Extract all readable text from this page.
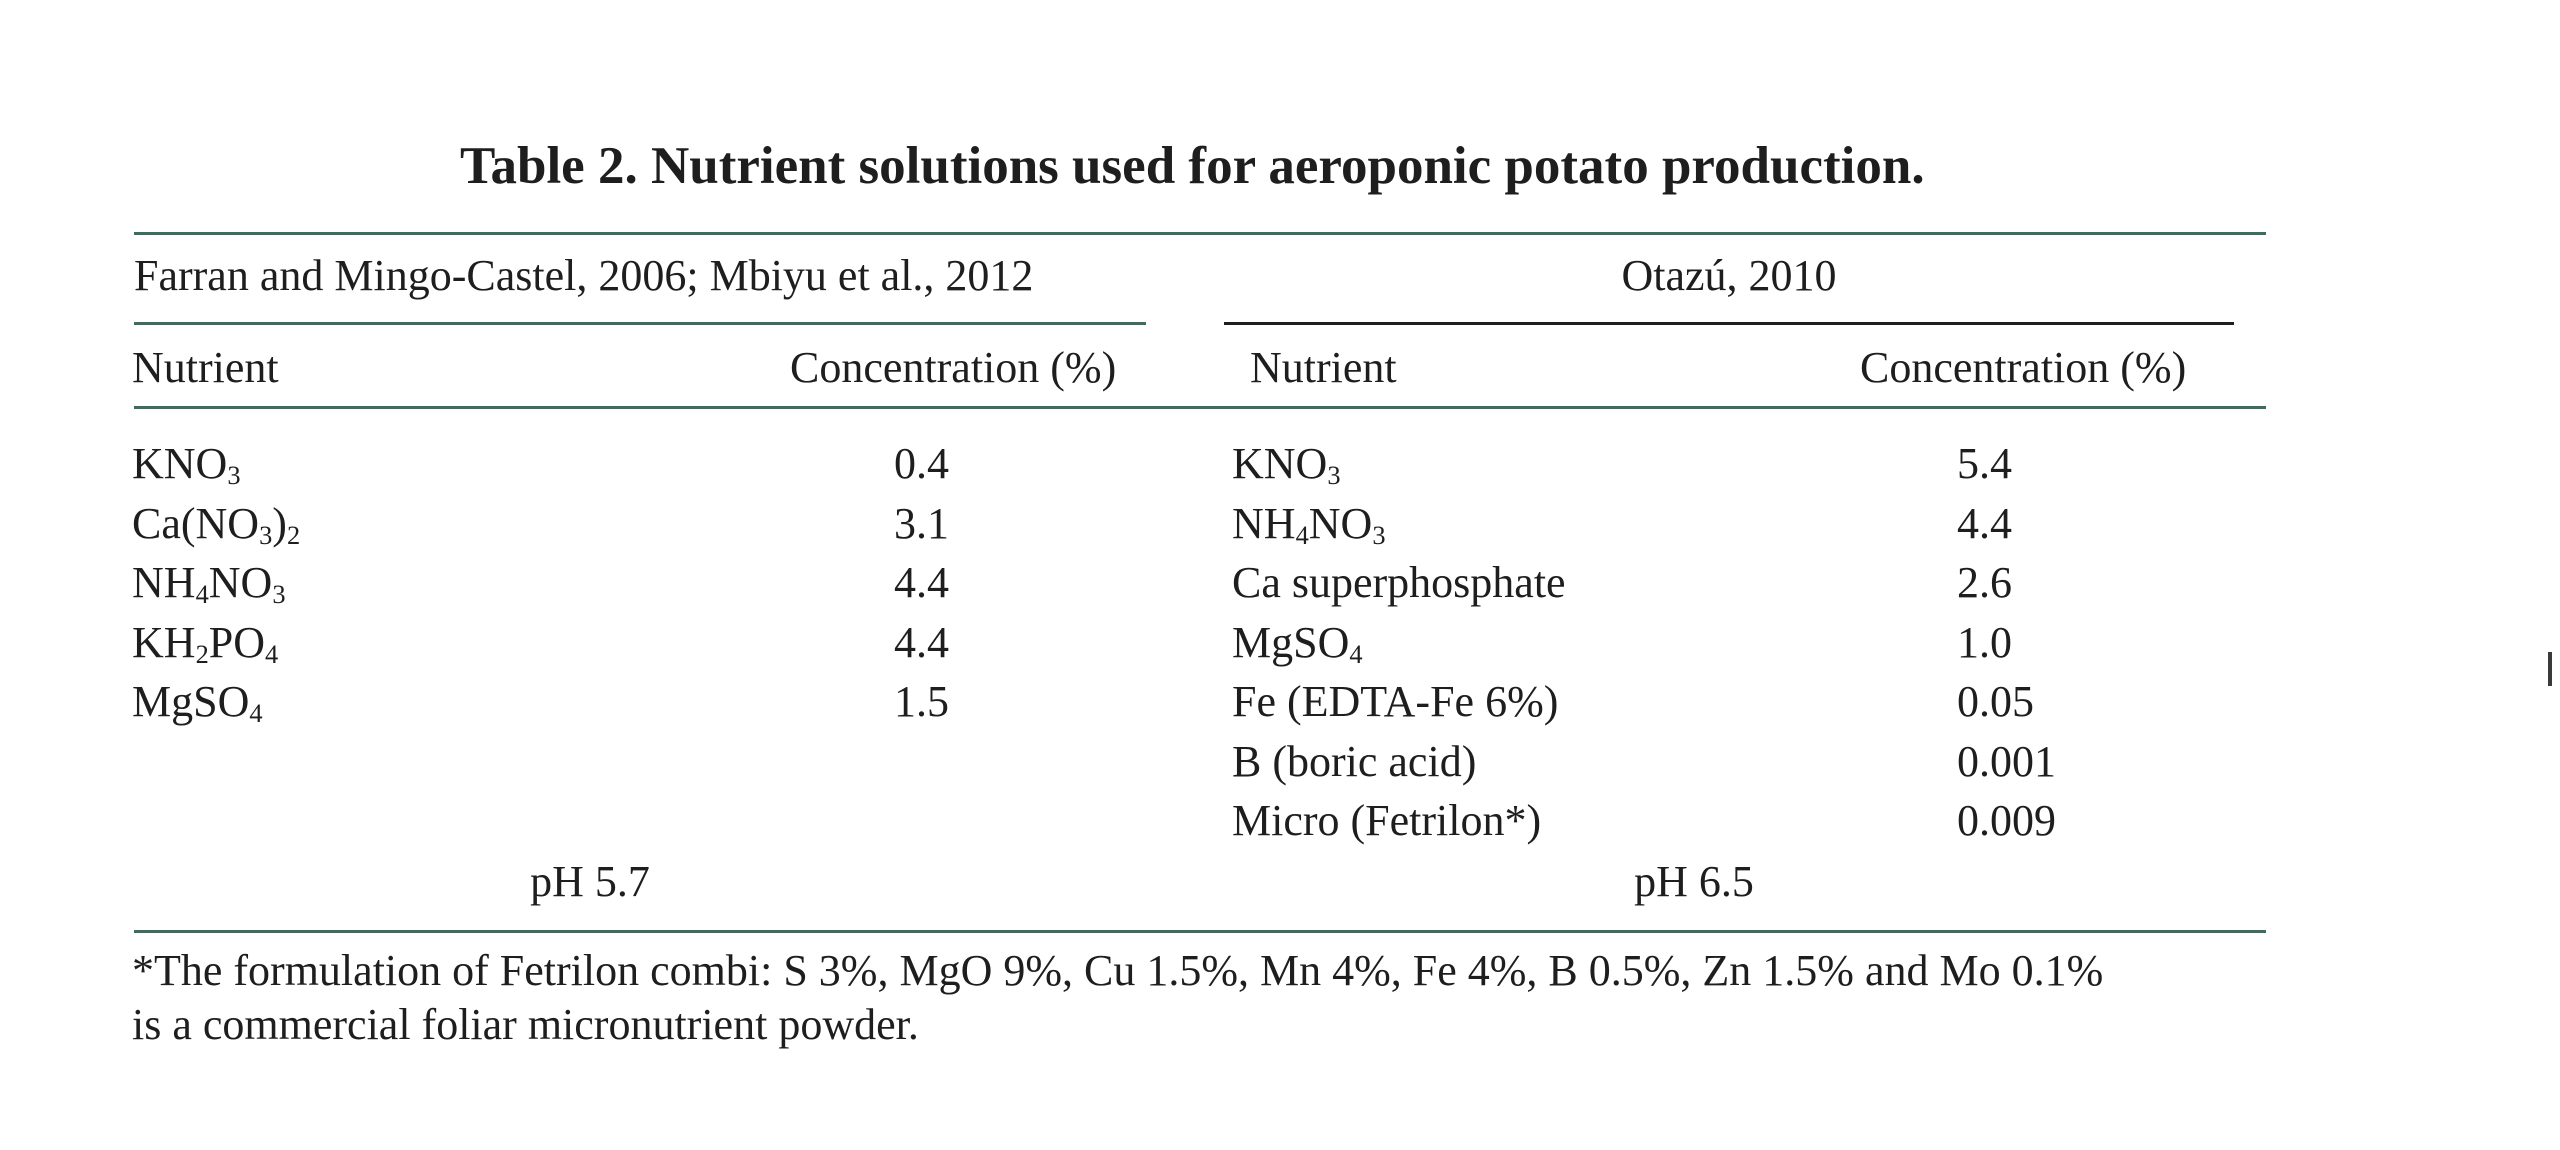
Table 2. Nutrient solutions used for aeroponic potato production.
Farran and Mingo-Castel, 2006; Mbiyu et al., 2012	Otazú, 2010
Nutrient	Concentration (%)	Nutrient	Concentration (%)
$KNO_3$	0.4
$Ca(NO_3)_2$	3.1
$NH_4NO_3$	4.4
$KH_2PO_4$	4.4
MgSO$_4$	1.5
$KNO_3$	5.4
$NH_4NO_3$	4.4
Ca superphosphate	2.6
MgSO$_4$	1.0
Fe (EDTA-Fe 6%)	0.05
B (boric acid)	0.001
Micro (Fetrilon*)	0.009
pH 5.7	pH 6.5
*The formulation of Fetrilon combi: S 3%, MgO 9%, Cu 1.5%, Mn 4%, Fe 4%, B 0.5%, Zn 1.5% and Mo 0.1%
is a commercial foliar micronutrient powder.
